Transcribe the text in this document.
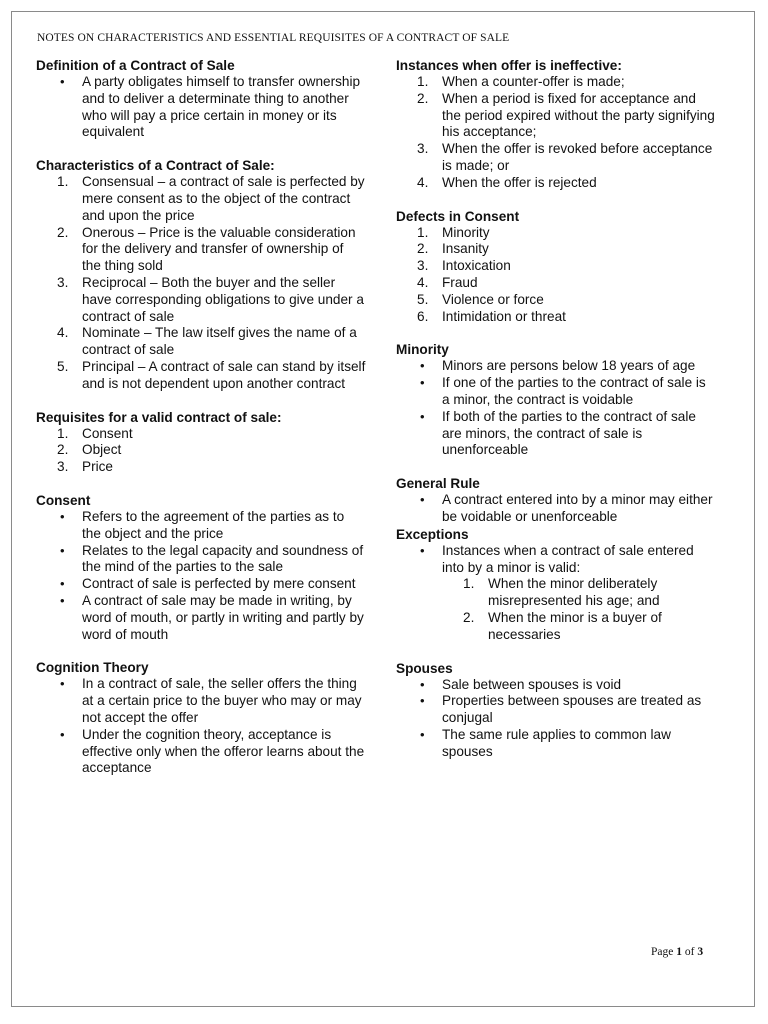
NOTES ON CHARACTERISTICS AND ESSENTIAL REQUISITES OF A CONTRACT OF SALE

Definition of a Contract of Sale

• A party obligates himself to transfer ownership and to deliver a determinate thing to another who will pay a price certain in money or its equivalent

Characteristics of a Contract of Sale:

Consensual – a contract of sale is perfected by mere consent as to the object of the contract and upon the price
Onerous – Price is the valuable consideration for the delivery and transfer of ownership of the thing sold
Reciprocal – Both the buyer and the seller have corresponding obligations to give under a contract of sale
Nominate – The law itself gives the name of a contract of sale
Principal – A contract of sale can stand by itself and is not dependent upon another contract

Requisites for a valid contract of sale:

Consent
Object
Price

Consent

• Refers to the agreement of the parties as to the object and the price
• Relates to the legal capacity and soundness of the mind of the parties to the sale
• Contract of sale is perfected by mere consent
• A contract of sale may be made in writing, by word of mouth, or partly in writing and partly by word of mouth

Cognition Theory

• In a contract of sale, the seller offers the thing at a certain price to the buyer who may or may not accept the offer
• Under the cognition theory, acceptance is effective only when the offeror learns about the acceptance

Instances when offer is ineffective:

When a counter-offer is made;
When a period is fixed for acceptance and the period expired without the party signifying his acceptance;
When the offer is revoked before acceptance is made; or
When the offer is rejected

Defects in Consent

Minority
Insanity
Intoxication
Fraud
Violence or force
Intimidation or threat

Minority

• Minors are persons below 18 years of age
• If one of the parties to the contract of sale is a minor, the contract is voidable
• If both of the parties to the contract of sale are minors, the contract of sale is unenforceable

General Rule

• A contract entered into by a minor may either be voidable or unenforceable

Exceptions

• Instances when a contract of sale entered into by a minor is valid:
When the minor deliberately misrepresented his age; and
When the minor is a buyer of necessaries

Spouses

• Sale between spouses is void
• Properties between spouses are treated as conjugal
• The same rule applies to common law spouses
Page 1 of 3
